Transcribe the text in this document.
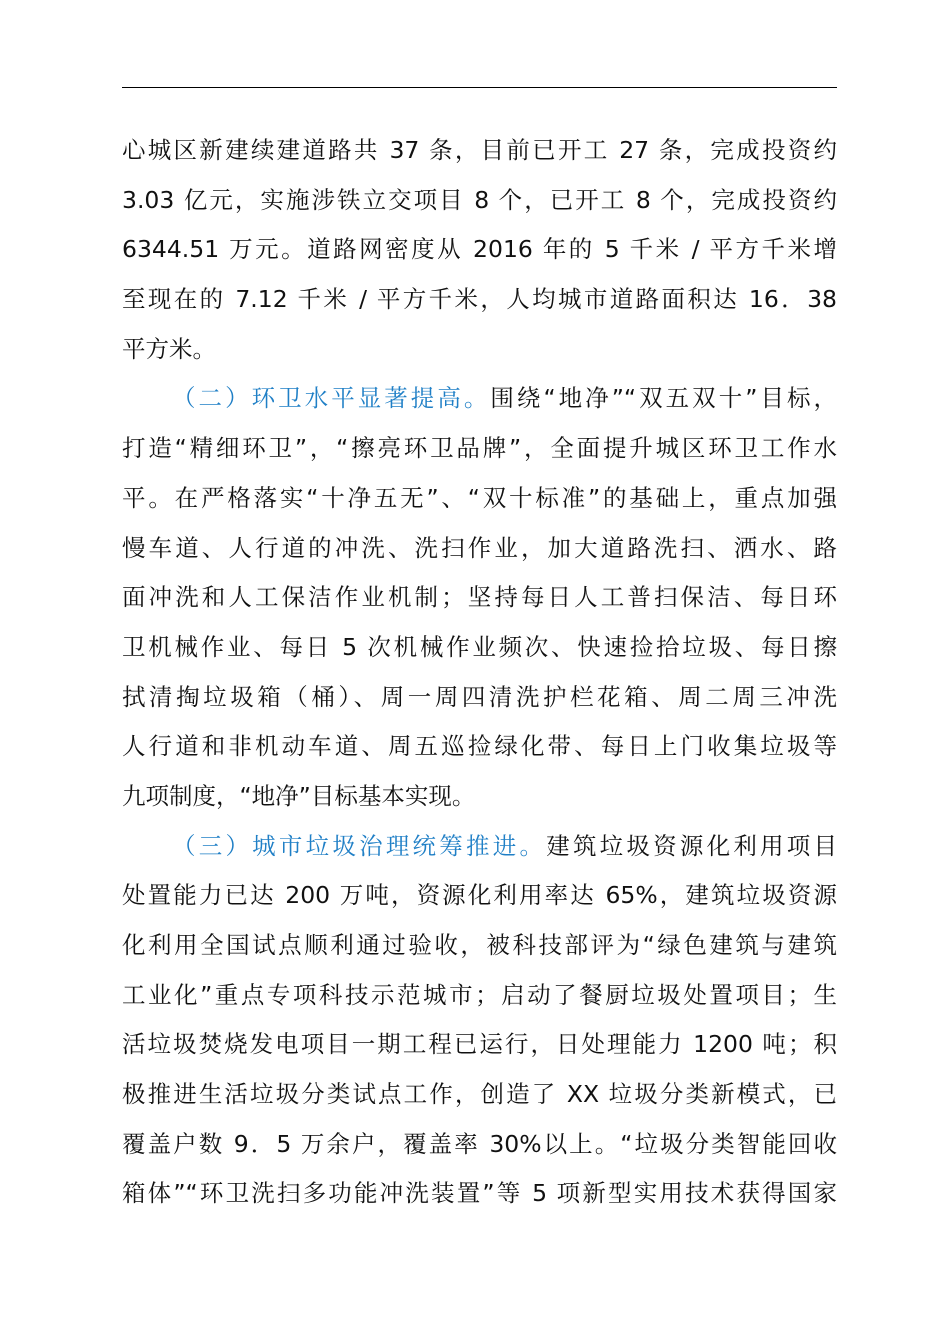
心城区新建续建道路共 37 条，目前已开工 27 条，完成投资约
3.03 亿元，实施涉铁立交项目 8 个，已开工 8 个，完成投资约
6344.51 万元。道路网密度从 2016 年的 5 千米 / 平方千米增
至现在的 7.12 千米 / 平方千米，人均城市道路面积达 16．38
平方米。
（二）环卫水平显著提高。围绕“地净”“双五双十”目标，
打造“精细环卫”，“擦亮环卫品牌”，全面提升城区环卫工作水
平。在严格落实“十净五无”、“双十标准”的基础上，重点加强
慢车道、人行道的冲洗、洗扫作业，加大道路洗扫、洒水、路
面冲洗和人工保洁作业机制；坚持每日人工普扫保洁、每日环
卫机械作业、每日 5 次机械作业频次、快速捡拾垃圾、每日擦
拭清掏垃圾箱（桶）、周一周四清洗护栏花箱、周二周三冲洗
人行道和非机动车道、周五巡捡绿化带、每日上门收集垃圾等
九项制度，“地净”目标基本实现。
（三）城市垃圾治理统筹推进。建筑垃圾资源化利用项目
处置能力已达 200 万吨，资源化利用率达 65%，建筑垃圾资源
化利用全国试点顺利通过验收，被科技部评为“绿色建筑与建筑
工业化”重点专项科技示范城市；启动了餐厨垃圾处置项目；生
活垃圾焚烧发电项目一期工程已运行，日处理能力 1200 吨；积
极推进生活垃圾分类试点工作，创造了 XX 垃圾分类新模式，已
覆盖户数 9．5 万余户，覆盖率 30%以上。“垃圾分类智能回收
箱体”“环卫洗扫多功能冲洗装置”等 5 项新型实用技术获得国家
